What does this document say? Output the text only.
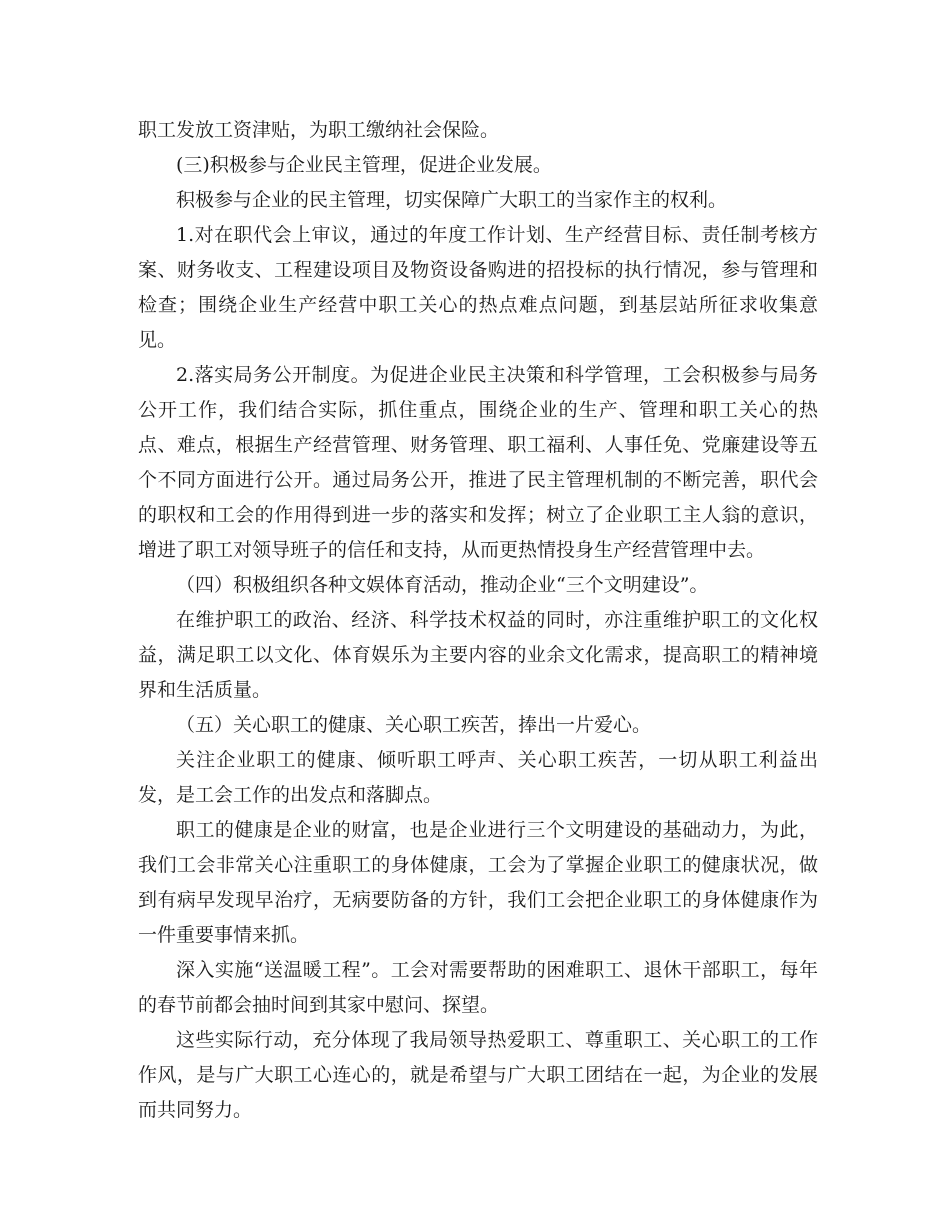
职工发放工资津贴，为职工缴纳社会保险。

(三)积极参与企业民主管理，促进企业发展。

积极参与企业的民主管理，切实保障广大职工的当家作主的权利。

1.对在职代会上审议，通过的年度工作计划、生产经营目标、责任制考核方案、财务收支、工程建设项目及物资设备购进的招投标的执行情况，参与管理和检查；围绕企业生产经营中职工关心的热点难点问题，到基层站所征求收集意见。

2.落实局务公开制度。为促进企业民主决策和科学管理，工会积极参与局务公开工作，我们结合实际，抓住重点，围绕企业的生产、管理和职工关心的热点、难点，根据生产经营管理、财务管理、职工福利、人事任免、党廉建设等五个不同方面进行公开。通过局务公开，推进了民主管理机制的不断完善，职代会的职权和工会的作用得到进一步的落实和发挥；树立了企业职工主人翁的意识，增进了职工对领导班子的信任和支持，从而更热情投身生产经营管理中去。

（四）积极组织各种文娱体育活动，推动企业“三个文明建设”。

在维护职工的政治、经济、科学技术权益的同时，亦注重维护职工的文化权益，满足职工以文化、体育娱乐为主要内容的业余文化需求，提高职工的精神境界和生活质量。

（五）关心职工的健康、关心职工疾苦，捧出一片爱心。

关注企业职工的健康、倾听职工呼声、关心职工疾苦，一切从职工利益出发，是工会工作的出发点和落脚点。

职工的健康是企业的财富，也是企业进行三个文明建设的基础动力，为此，我们工会非常关心注重职工的身体健康，工会为了掌握企业职工的健康状况，做到有病早发现早治疗，无病要防备的方针，我们工会把企业职工的身体健康作为一件重要事情来抓。

深入实施“送温暖工程”。工会对需要帮助的困难职工、退休干部职工，每年的春节前都会抽时间到其家中慰问、探望。

这些实际行动，充分体现了我局领导热爱职工、尊重职工、关心职工的工作作风，是与广大职工心连心的，就是希望与广大职工团结在一起，为企业的发展而共同努力。
